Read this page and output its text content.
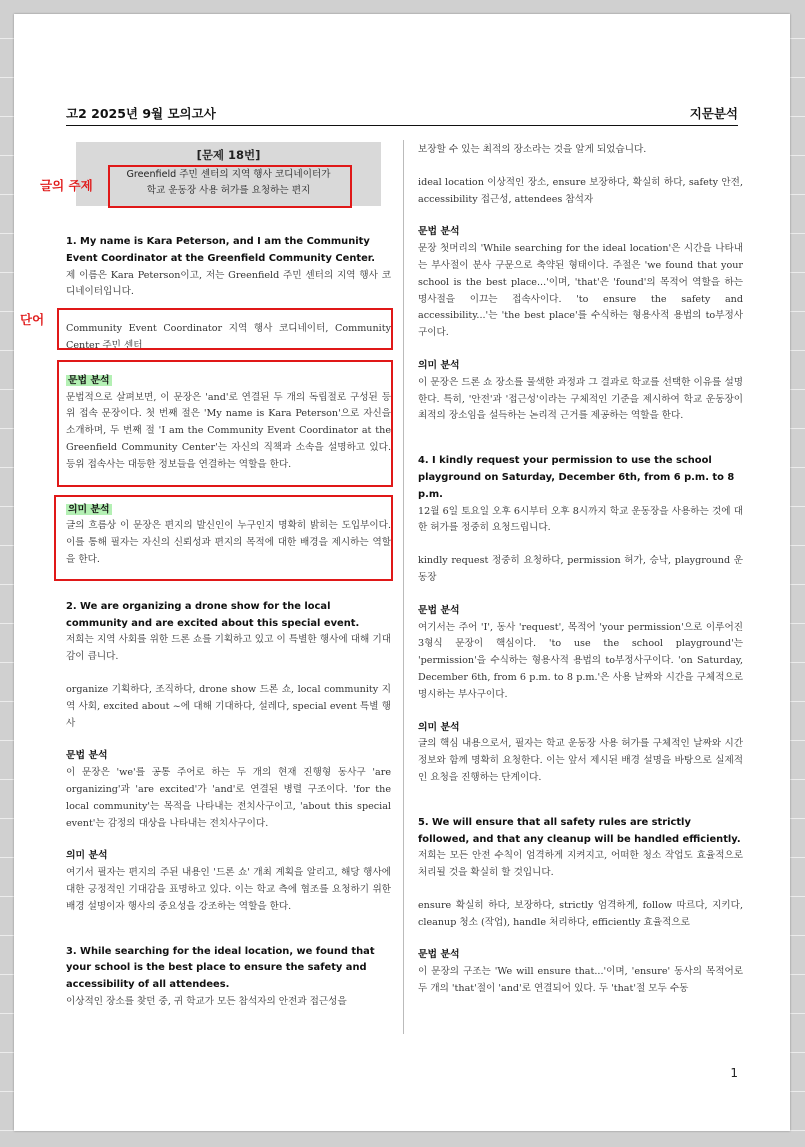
고2 2025년 9월 모의고사	지문분석
[문제 18번]
Greenfield 주민 센터의 지역 행사 코디네이터가
학교 운동장 사용 허가를 요청하는 편지

1. My name is Kara Peterson, and I am the Community Event Coordinator at the Greenfield Community Center.

제 이름은 Kara Peterson이고, 저는 Greenfield 주민 센터의 지역 행사 코디네이터입니다.

Community Event Coordinator 지역 행사 코디네이터, Community Center 주민 센터

문법 분석

문법적으로 살펴보면, 이 문장은 'and'로 연결된 두 개의 독립절로 구성된 등위 접속 문장이다. 첫 번째 절은 'My name is Kara Peterson'으로 자신을 소개하며, 두 번째 절 'I am the Community Event Coordinator at the Greenfield Community Center'는 자신의 직책과 소속을 설명하고 있다. 등위 접속사는 대등한 정보들을 연결하는 역할을 한다.

의미 분석

글의 흐름상 이 문장은 편지의 발신인이 누구인지 명확히 밝히는 도입부이다. 이를 통해 필자는 자신의 신뢰성과 편지의 목적에 대한 배경을 제시하는 역할을 한다.

2. We are organizing a drone show for the local community and are excited about this special event.

저희는 지역 사회를 위한 드론 쇼를 기획하고 있고 이 특별한 행사에 대해 기대감이 큽니다.

organize 기획하다, 조직하다, drone show 드론 쇼, local community 지역 사회, excited about ~에 대해 기대하다, 설레다, special event 특별 행사

문법 분석

이 문장은 'we'를 공통 주어로 하는 두 개의 현재 진행형 동사구 'are organizing'과 'are excited'가 'and'로 연결된 병렬 구조이다. 'for the local community'는 목적을 나타내는 전치사구이고, 'about this special event'는 감정의 대상을 나타내는 전치사구이다.

의미 분석

여기서 필자는 편지의 주된 내용인 '드론 쇼' 개최 계획을 알리고, 해당 행사에 대한 긍정적인 기대감을 표명하고 있다. 이는 학교 측에 협조를 요청하기 위한 배경 설명이자 행사의 중요성을 강조하는 역할을 한다.

3. While searching for the ideal location, we found that your school is the best place to ensure the safety and accessibility of all attendees.

이상적인 장소를 찾던 중, 귀 학교가 모든 참석자의 안전과 접근성을

보장할 수 있는 최적의 장소라는 것을 알게 되었습니다.

ideal location 이상적인 장소, ensure 보장하다, 확실히 하다, safety 안전, accessibility 접근성, attendees 참석자

문법 분석

문장 첫머리의 'While searching for the ideal location'은 시간을 나타내는 부사절이 분사 구문으로 축약된 형태이다. 주절은 'we found that your school is the best place...'이며, 'that'은 'found'의 목적어 역할을 하는 명사절을 이끄는 접속사이다. 'to ensure the safety and accessibility...'는 'the best place'를 수식하는 형용사적 용법의 to부정사구이다.

의미 분석

이 문장은 드론 쇼 장소를 물색한 과정과 그 결과로 학교를 선택한 이유를 설명한다. 특히, '안전'과 '접근성'이라는 구체적인 기준을 제시하여 학교 운동장이 최적의 장소임을 설득하는 논리적 근거를 제공하는 역할을 한다.

4. I kindly request your permission to use the school playground on Saturday, December 6th, from 6 p.m. to 8 p.m.

12월 6일 토요일 오후 6시부터 오후 8시까지 학교 운동장을 사용하는 것에 대한 허가를 정중히 요청드립니다.

kindly request 정중히 요청하다, permission 허가, 승낙, playground 운동장

문법 분석

여기서는 주어 'I', 동사 'request', 목적어 'your permission'으로 이루어진 3형식 문장이 핵심이다. 'to use the school playground'는 'permission'을 수식하는 형용사적 용법의 to부정사구이다. 'on Saturday, December 6th, from 6 p.m. to 8 p.m.'은 사용 날짜와 시간을 구체적으로 명시하는 부사구이다.

의미 분석

글의 핵심 내용으로서, 필자는 학교 운동장 사용 허가를 구체적인 날짜와 시간 정보와 함께 명확히 요청한다. 이는 앞서 제시된 배경 설명을 바탕으로 실제적인 요청을 진행하는 단계이다.

5. We will ensure that all safety rules are strictly followed, and that any cleanup will be handled efficiently.

저희는 모든 안전 수칙이 엄격하게 지켜지고, 어떠한 청소 작업도 효율적으로 처리될 것을 확실히 할 것입니다.

ensure 확실히 하다, 보장하다, strictly 엄격하게, follow 따르다, 지키다, cleanup 청소 (작업), handle 처리하다, efficiently 효율적으로

문법 분석

이 문장의 구조는 'We will ensure that...'이며, 'ensure' 동사의 목적어로 두 개의 'that'절이 'and'로 연결되어 있다. 두 'that'절 모두 수동

글의 주제
단어
1
